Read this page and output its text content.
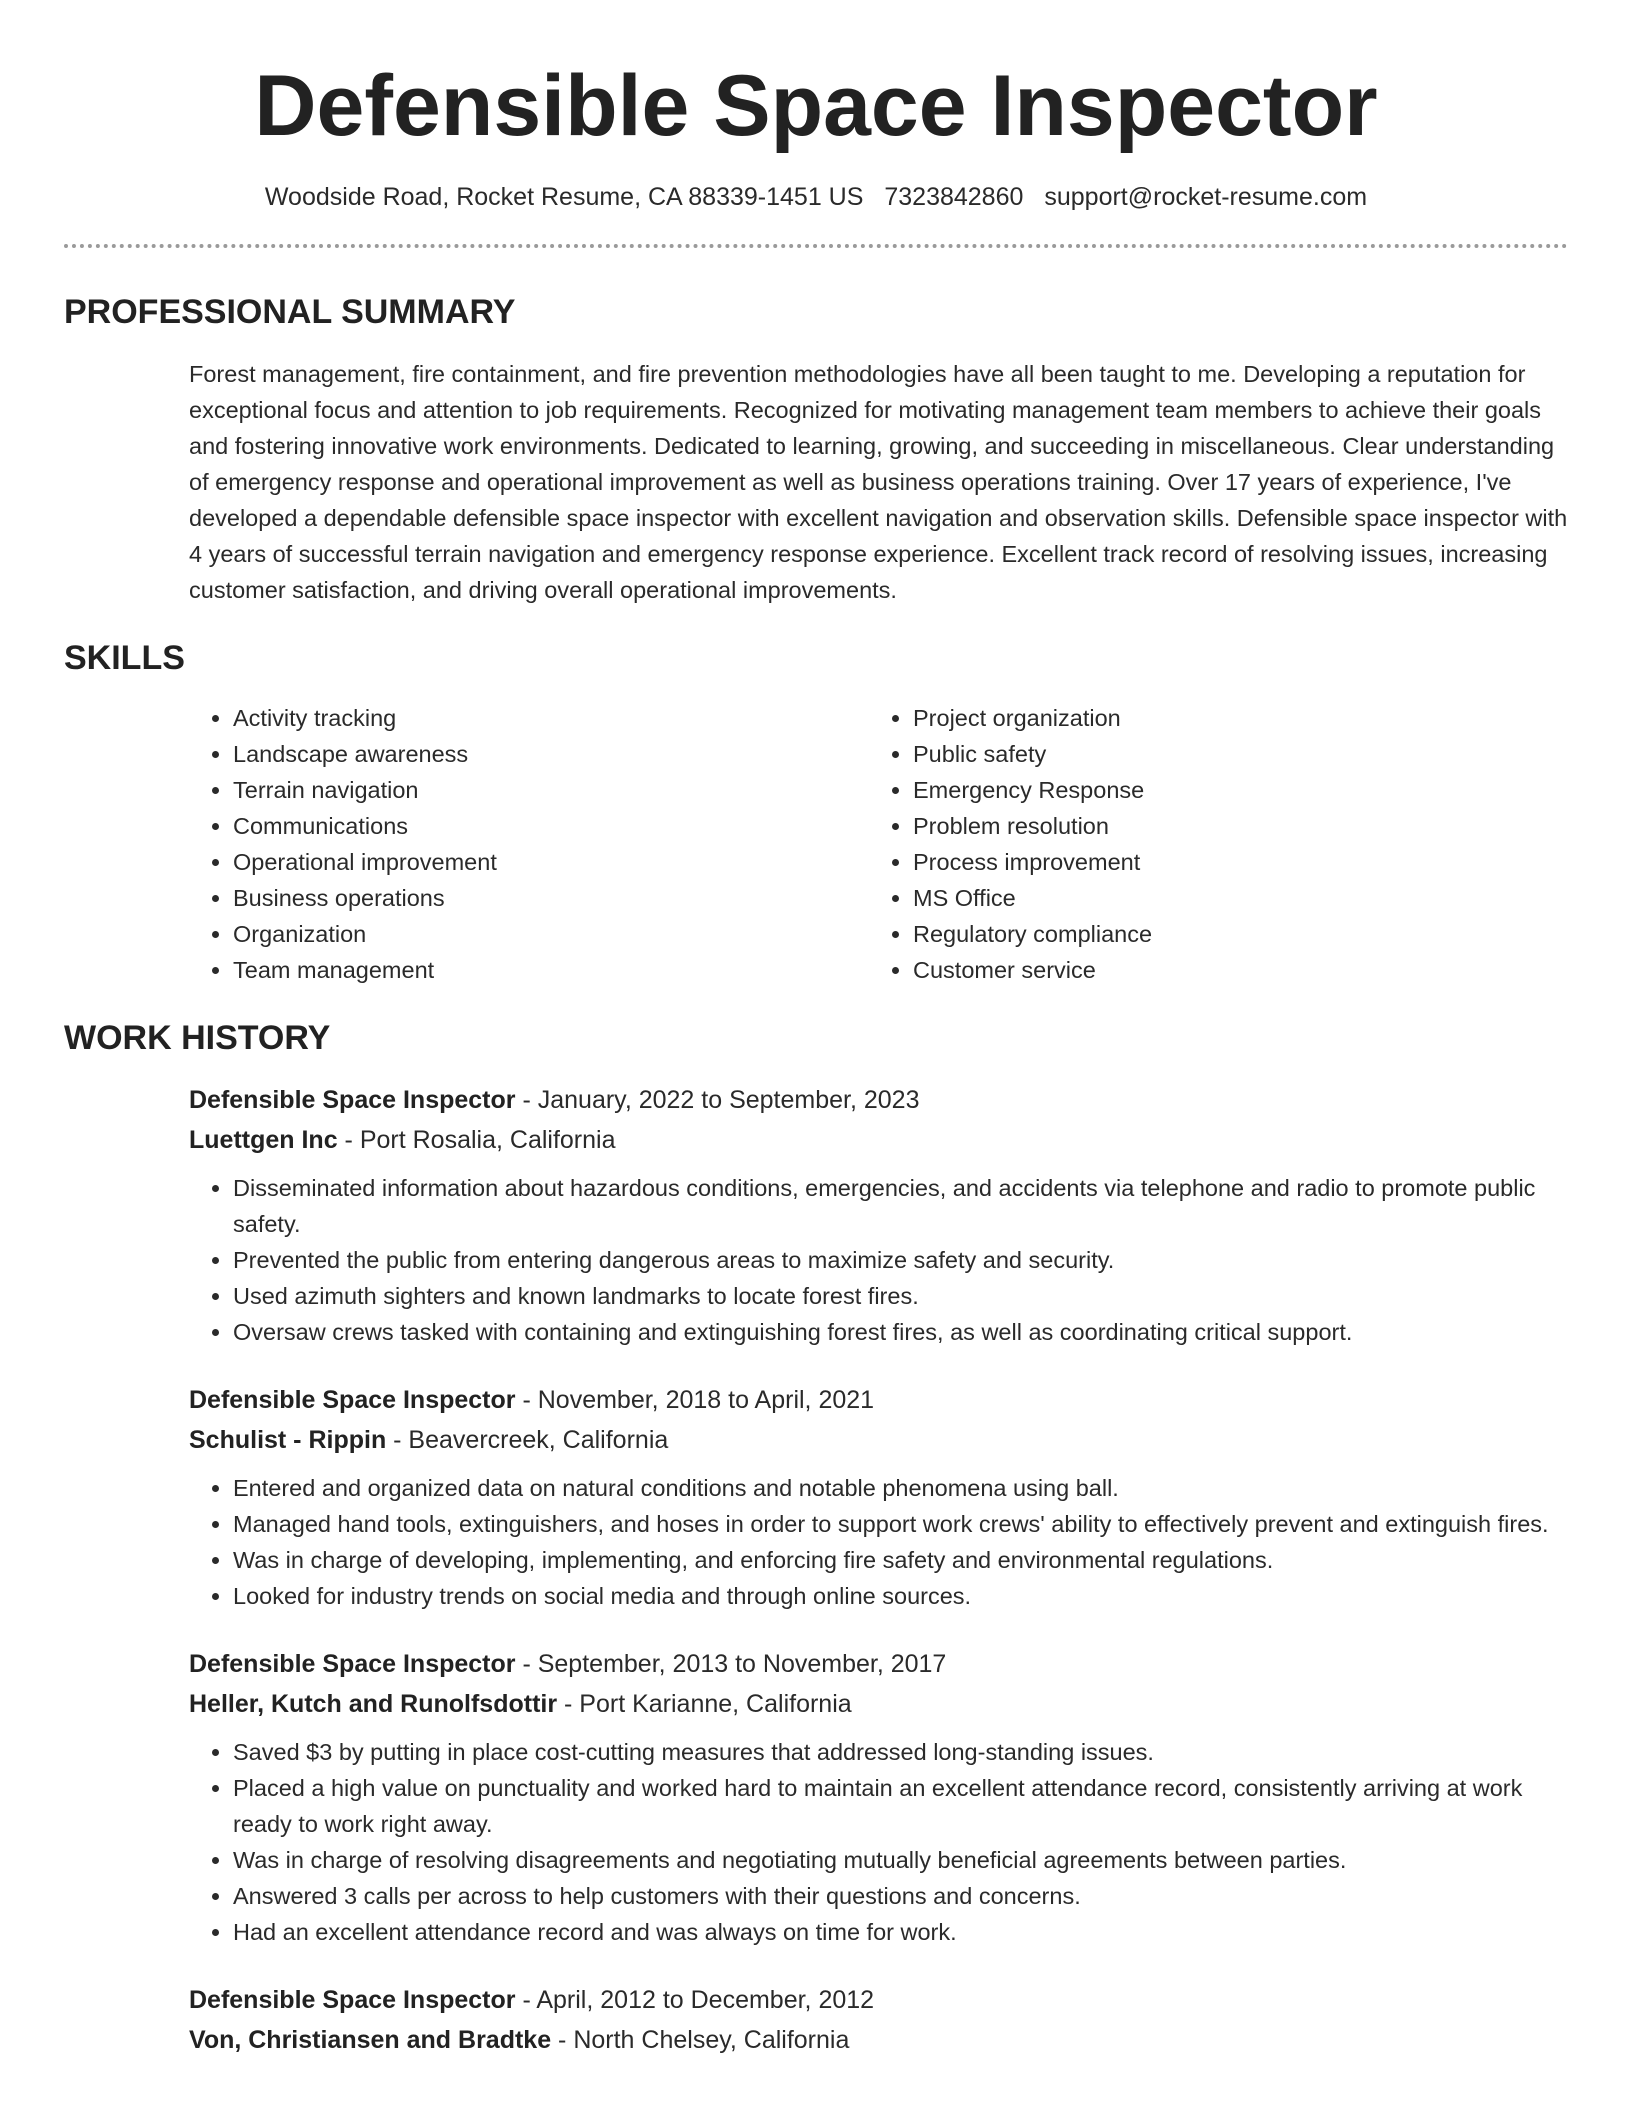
Defensible Space Inspector
Woodside Road, Rocket Resume, CA 88339-1451 US 7323842860 support@rocket-resume.com
PROFESSIONAL SUMMARY
Forest management, fire containment, and fire prevention methodologies have all been taught to me. Developing a reputation for exceptional focus and attention to job requirements. Recognized for motivating management team members to achieve their goals and fostering innovative work environments. Dedicated to learning, growing, and succeeding in miscellaneous. Clear understanding of emergency response and operational improvement as well as business operations training. Over 17 years of experience, I've developed a dependable defensible space inspector with excellent navigation and observation skills. Defensible space inspector with 4 years of successful terrain navigation and emergency response experience. Excellent track record of resolving issues, increasing customer satisfaction, and driving overall operational improvements.
SKILLS
• Activity tracking
• Landscape awareness
• Terrain navigation
• Communications
• Operational improvement
• Business operations
• Organization
• Team management
• Project organization
• Public safety
• Emergency Response
• Problem resolution
• Process improvement
• MS Office
• Regulatory compliance
• Customer service
WORK HISTORY
Defensible Space Inspector - January, 2022 to September, 2023
Luettgen Inc - Port Rosalia, California
• Disseminated information about hazardous conditions, emergencies, and accidents via telephone and radio to promote public safety.
• Prevented the public from entering dangerous areas to maximize safety and security.
• Used azimuth sighters and known landmarks to locate forest fires.
• Oversaw crews tasked with containing and extinguishing forest fires, as well as coordinating critical support.
Defensible Space Inspector - November, 2018 to April, 2021
Schulist - Rippin - Beavercreek, California
• Entered and organized data on natural conditions and notable phenomena using ball.
• Managed hand tools, extinguishers, and hoses in order to support work crews' ability to effectively prevent and extinguish fires.
• Was in charge of developing, implementing, and enforcing fire safety and environmental regulations.
• Looked for industry trends on social media and through online sources.
Defensible Space Inspector - September, 2013 to November, 2017
Heller, Kutch and Runolfsdottir - Port Karianne, California
• Saved $3 by putting in place cost-cutting measures that addressed long-standing issues.
• Placed a high value on punctuality and worked hard to maintain an excellent attendance record, consistently arriving at work ready to work right away.
• Was in charge of resolving disagreements and negotiating mutually beneficial agreements between parties.
• Answered 3 calls per across to help customers with their questions and concerns.
• Had an excellent attendance record and was always on time for work.
Defensible Space Inspector - April, 2012 to December, 2012
Von, Christiansen and Bradtke - North Chelsey, California
